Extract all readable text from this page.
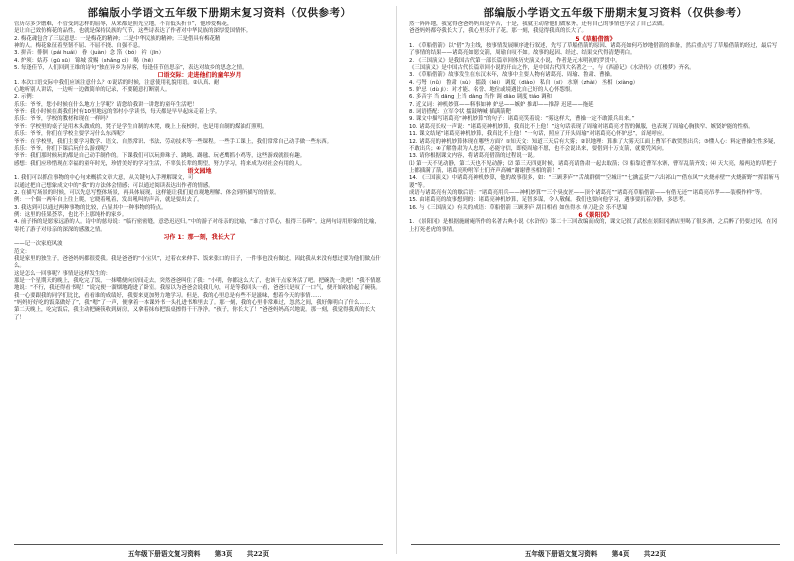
部编版小学语文五年级下册期末复习资料（仅供参考）

管历尽多少磨难，不管受到怎样的屈辱，从来都是照光立地，不肯低头折节”，他珍爱梅花，

是让自己效仿梅花的品性，也就是保持民族的气节，这些诗表达了作者对中华民族的深厚爱国情怀。

2. 梅花魂包含了三层意思：一是梅花的精神；二是中华民族的精神；三是借具有梅花精

神的人。梅花象征着坚韧不屈、不屈不挠、自强不息。

3. 拼音：徘徊（pái huái） 眷（juàn）念 箔（bó） 衿（jīn）

4. 炉须：姑苏（gū sū） 锦城 赏赐（shǎng cì） 喝（hē）

5. 每逢佳节，人们回到王维的诗句“独在异乡为异客，每逢佳节倍思亲”，表达对故乡的思念之情。

口语交际：走进他们的童年岁月

1. 本次口语交际中我们应该注意什么？①说话的时候，注意使用礼貌用语。②认真、耐

心地听别人讲话，一边听一边做简单的记录，不要随意打断别人。

2. 示例：

乐乐：爷爷，您小时候在什么地方上学呢？请您给我讲一讲您的童年生活吧！

爷爷：我小时候在离我们村有10里地远的邻村小学读书，每天都是早早起床走着上学。

乐乐：爷爷，学校的教材和现在一样吗？

爷爷：学校里的桌子是用木头做成的，凳子是学生自制的木凳，晚上上夜校时，也是用自制的煤油灯照明。

乐乐：爷爷，你们在学校主要学习什么东西呢？

爷爷：在学校里，我们主要学习数学、语文、自然常识、书法、劳动技术等一些课程。一些手工课上，我们常常自己动手做一些东西。

乐乐：爷爷，你们下课后玩什么游戏呢？

爷爷：我们那时候玩的都是自己动手制作的。下课我们可以玩弹珠子、跳绳、踢毽、玩老鹰抓小鸡等，这些游戏就很有趣。

感想：我们应珍惜现在幸福的童年时光，珍惜美好的学习生活，不辜负长辈的期望，努力学习，将来成为对社会有用的人。

语文园地

1. 我们可以抓住事物的中心句来概括文章大意，从关键句入手理解课文，可

以通过把自己想象成文中的“我”的方法体会情感；可以通过阅读表达出作者的情感。

2. 在描写场景的时候，可以先总写整体场景，再具体展现，这样能让我们更直观地理解、体会到所描写的情景。

例：一个偶一两年自上往上爬，它晓着吼着，发出吼叫的声音，就是要出去了。

3. 我达到可以通过两种事物的比较，凸显其中一种事物的特点。

例：这里的佳果荟萃，也比不上那纯朴的家乡。

4. 前子指的是愿家远游的人。诗中的慈母说：“临行密密缝，意恐迟迟归。”中的游子对母亲的比喻，“谁言寸草心，报得三春晖”。这两句诗用形象的比喻，寄托了游子对母亲的深深的感激之情。

习作 1：那一刻，我长大了

——记一次家庭风波

范文：

我是家里的独生子，爸爸妈妈都很爱我。我是爸爸的“小宝贝”，过着衣来伸手、饭来张口的日子，一件事也没有做过，因此我从来没有想过要为他们做点什么。

这是怎么一回事呢？事情是这样发生的：

那是一个星期天的晚上，我吃完了饭，一抹嘴便向房间走去，突然爸爸叫住了我：“小明，你都这么大了，也该干点家务活了吧。把碗洗一洗吧！”我不情愿地说：“不行，我还得看书呢！”说完便一溜烟地跑进了卧室。我原以为爸爸会说我几句，可是等我回头一看，爸爸只是叹了一口气，便开始收拾起了碗筷。

我一心要跟我的同学们比比，看看谁的成绩好，我要来更加努力地学习。但是，我的心里总是有些不是滋味，想着今天的事情……

“妈妈好好吃的饭菜做好了”，我“嗯”了一声，便拿着一本课外书一头扎进书堆里去了。那一刻，我的心里非常难过，忽然之间，我好像明白了什么……

第二天晚上，吃完饭后，我主动把碗筷收到厨房，又拿着抹布把饭桌擦得干干净净。“孩子，你长大了！”爸爸妈妈高兴地说。那一刻，我觉得我真的长大了！

五年级下册语文复习资料 第3页 共22页
部编版小学语文五年级下册期末复习资料（仅供参考）

然一阵阵地，我觉得爸爸妈妈真是辛苦，于是，我就主动帮他们做家务，还有自己的事情也学会了自己去做。

爸爸妈妈都夸我长大了，我心里乐开了花。那一刻，我觉得我真的长大了。

5《草船借箭》

1. 《草船借箭》以“借”为主线，按事情发展顺序进行叙述，先写了草船借箭的原因、诸葛亮如何巧妙地借箭的准备，然后重点写了草船借箭的经过，最后写了事情的结果——诸葛亮如愿交箭，周瑜自叹不如。故事的起因、经过、结果交代得清楚明白。

2. 《三国演义》是我国古代第一部长篇章回体历史演义小说，作者是元末明初的罗贯中。

《三国演义》是中国古代长篇章回小说的开山之作，是中国古代四大名著之一，与《西游记》《水浒传》《红楼梦》齐名。

3. 《草船借箭》故事发生在东汉末年，故事中主要人物有诸葛亮、周瑜、鲁肃、曹操。

4. 弓弩（nǔ） 鲁肃（sù） 擂鼓（léi） 调度（diào） 私自（sī） 水寨（zhài） 丞相（xiàng）

5. 妒忌（dù jì）：对才能、名誉、地位或境遇比自己好的人心怀怨恨。

6. 多音字 当 dāng 上当 dàng 当作 调 diào 调度 tiáo 调和

7. 近义词：神机妙算——料事如神 妒忌——嫉妒 推却——推辞 迟延——拖延

8. 词语搭配：立军令状 擂鼓呐喊 插满箭靶

9. 课文中描写诸葛亮“神机妙算”的句子：诸葛亮笑着说：“雾这样大，曹操一定不敢派兵出来。”

10. 诸葛亮长叹一声说：“诸葛亮神机妙算，我真比不上他！”这句话表现了周瑜对诸葛亮才智的佩服，也表现了周瑜心胸狭窄、嫉贤妒能的性格。

11. 课文结尾“诸葛亮神机妙算，我真比不上他！”一句话，照应了开头周瑜“对诸葛亮心怀妒忌”，首尾呼应。

12. 诸葛亮的神机妙算体现在哪些方面？①知天文：知道三天后有大雾；②识地理：算准了大雾天江面上曹军不敢贸然出兵；③懂人心：料定曹操生性多疑，不敢出兵；④了解鲁肃为人忠厚，必能守信，即使周瑜不愿，也不会说出来，要借到十万支箭，就要凭风向。

13. 请你根据课文内容，将诸葛亮借箭的过程说一说。

⑴ 第一天不见动静，第二天也不见动静；⑵ 第三天四更时候，诸葛亮请鲁肃一起去取箭；⑶ 船靠近曹军水寨，曹军乱箭齐发；⑷ 天大亮，船两边的草把子上都插满了箭，诸葛亮吩咐军士们齐声高喊“谢谢曹丞相的箭！”

14. 《三国演义》中诸葛亮神机妙算，他的故事很多，如：“三顾茅庐”“舌战群儒”“空城计”“七擒孟获”“六出祁山”“借东风”“火烧赤壁”“火烧新野”“挥泪斩马谡”等。

成语与诸葛亮有关的歇后语：“诸葛亮用兵——神机妙算”“三个臭皮匠——顶个诸葛亮”“诸葛亮草船借箭——有借无还”“诸葛亮吊孝——装模作样”等。

15. 由诸葛亮的故事想到的：诸葛亮神机妙算，足智多谋，令人敬佩。我们也要向他学习，遇事要沉着冷静，多思考。

16. 与《三国演义》有关的成语：草船借箭 三顾茅庐 刮目相看 如鱼得水 单刀赴会 乐不思蜀

6《景阳冈》

1. 《景阳冈》是根据施耐庵所作的名著古典小说《水浒传》第二十三回改编而成的，课文记叙了武松在景阳冈酒店里喝了很多酒，之后醉了仍要过冈，在冈上打死老虎的事情。

五年级下册语文复习资料 第4页 共22页
